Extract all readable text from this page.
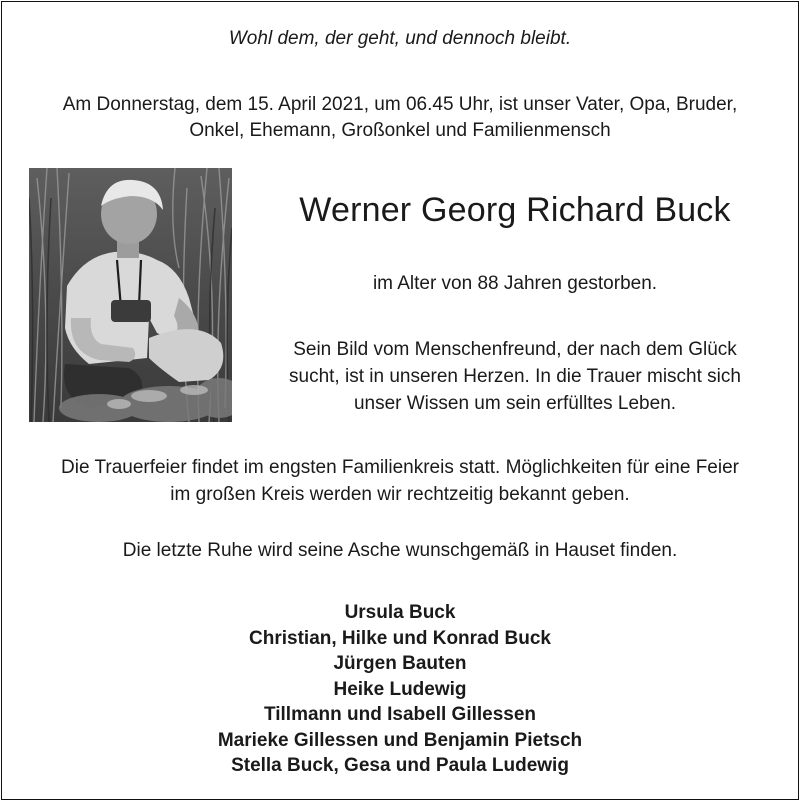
Wohl dem, der geht, und dennoch bleibt.
Am Donnerstag, dem 15. April 2021, um 06.45 Uhr, ist unser Vater, Opa, Bruder,
Onkel, Ehemann, Großonkel und Familienmensch
Werner Georg Richard Buck
im Alter von 88 Jahren gestorben.
Sein Bild vom Menschenfreund, der nach dem Glück
sucht, ist in unseren Herzen. In die Trauer mischt sich
unser Wissen um sein erfülltes Leben.
Die Trauerfeier findet im engsten Familienkreis statt. Möglichkeiten für eine Feier
im großen Kreis werden wir rechtzeitig bekannt geben.
Die letzte Ruhe wird seine Asche wunschgemäß in Hauset finden.
Ursula Buck
Christian, Hilke und Konrad Buck
Jürgen Bauten
Heike Ludewig
Tillmann und Isabell Gillessen
Marieke Gillessen und Benjamin Pietsch
Stella Buck, Gesa und Paula Ludewig
